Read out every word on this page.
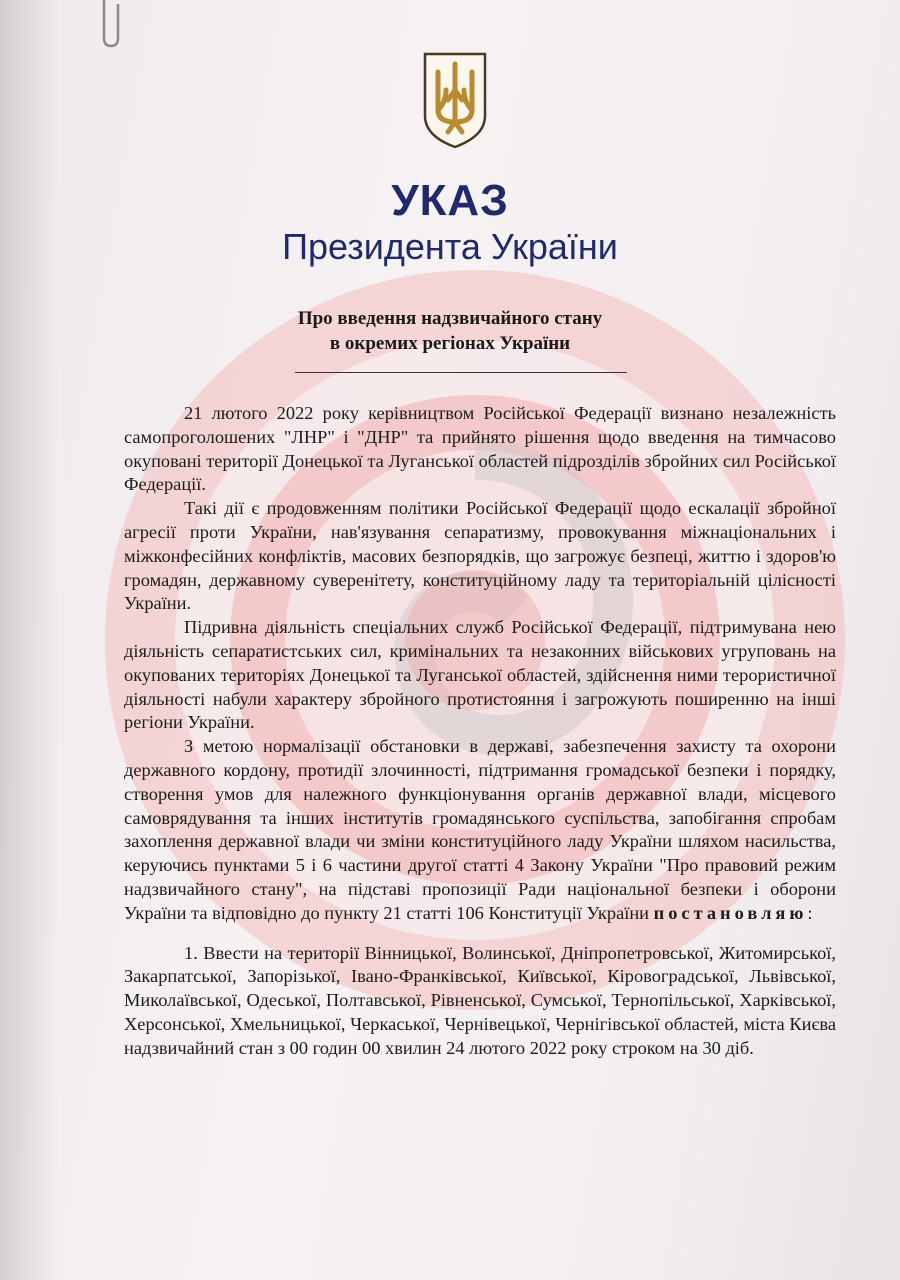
УКАЗ
Президента України
Про введення надзвичайного стану
в окремих регіонах України

21 лютого 2022 року керівництвом Російської Федерації визнано незалежність самопроголошених "ЛНР" і "ДНР" та прийнято рішення щодо введення на тимчасово окуповані території Донецької та Луганської областей підрозділів збройних сил Російської Федерації.

Такі дії є продовженням політики Російської Федерації щодо ескалації збройної агресії проти України, нав'язування сепаратизму, провокування міжнаціональних і міжконфесійних конфліктів, масових безпорядків, що загрожує безпеці, життю і здоров'ю громадян, державному суверенітету, конституційному ладу та територіальній цілісності України.

Підривна діяльність спеціальних служб Російської Федерації, підтримувана нею діяльність сепаратистських сил, кримінальних та незаконних військових угруповань на окупованих територіях Донецької та Луганської областей, здійснення ними терористичної діяльності набули характеру збройного протистояння і загрожують поширенню на інші регіони України.

З метою нормалізації обстановки в державі, забезпечення захисту та охорони державного кордону, протидії злочинності, підтримання громадської безпеки і порядку, створення умов для належного функціонування органів державної влади, місцевого самоврядування та інших інститутів громадянського суспільства, запобігання спробам захоплення державної влади чи зміни конституційного ладу України шляхом насильства, керуючись пунктами 5 і 6 частини другої статті 4 Закону України "Про правовий режим надзвичайного стану", на підставі пропозиції Ради національної безпеки і оборони України та відповідно до пункту 21 статті 106 Конституції України постановляю:

1. Ввести на території Вінницької, Волинської, Дніпропетровської, Житомирської, Закарпатської, Запорізької, Івано-Франківської, Київської, Кіровоградської, Львівської, Миколаївської, Одеської, Полтавської, Рівненської, Сумської, Тернопільської, Харківської, Херсонської, Хмельницької, Черкаської, Чернівецької, Чернігівської областей, міста Києва надзвичайний стан з 00 годин 00 хвилин 24 лютого 2022 року строком на 30 діб.
